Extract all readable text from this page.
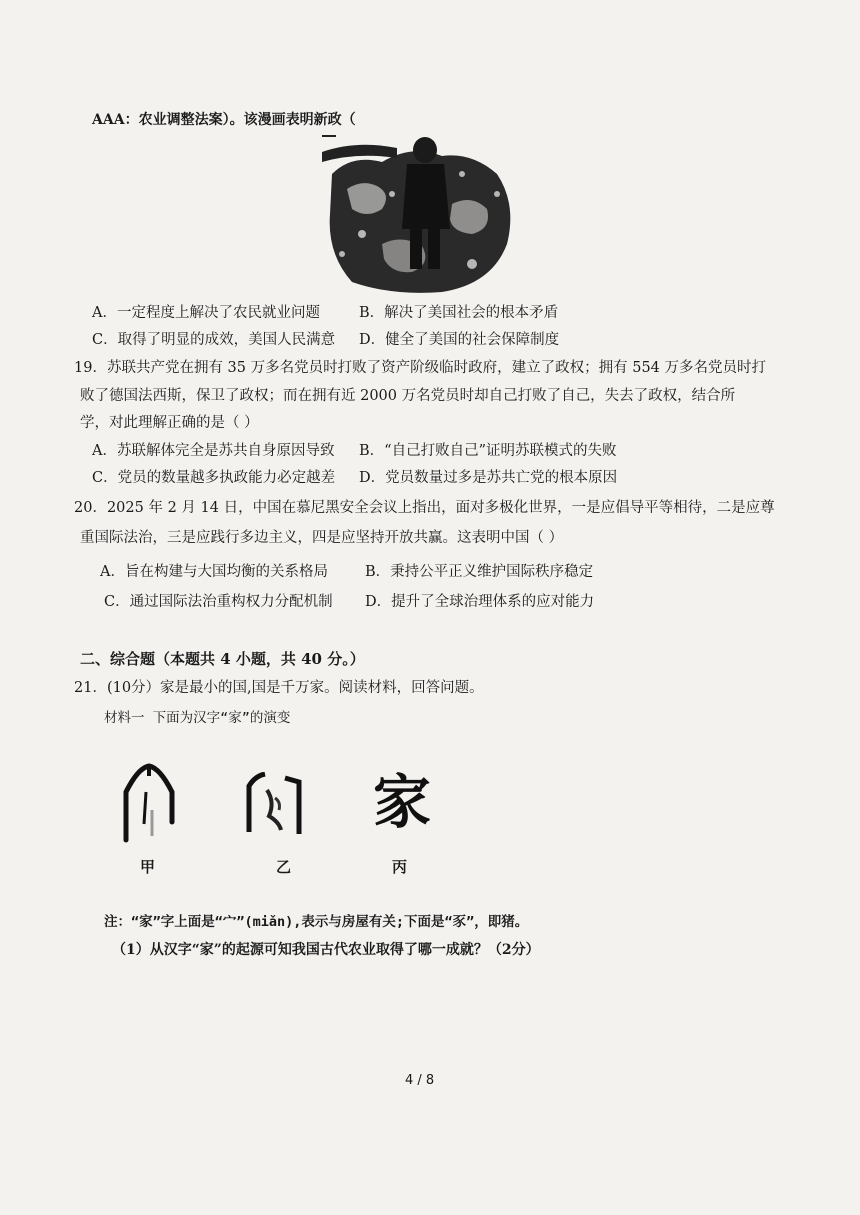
AAA：农业调整法案）。该漫画表明新政（
A．一定程度上解决了农民就业问题	B．解决了美国社会的根本矛盾
C．取得了明显的成效，美国人民满意 D．健全了美国的社会保障制度
19．苏联共产党在拥有 35 万多名党员时打败了资产阶级临时政府，建立了政权；拥有 554 万多名党员时打
败了德国法西斯，保卫了政权；而在拥有近 2000 万名党员时却自己打败了自己，失去了政权，结合所
学，对此理解正确的是（ ）
A．苏联解体完全是苏共自身原因导致 B．“自己打败自己”证明苏联模式的失败
C．党员的数量越多执政能力必定越差 D．党员数量过多是苏共亡党的根本原因
20．2025 年 2 月 14 日，中国在慕尼黑安全会议上指出，面对多极化世界，一是应倡导平等相待，二是应尊
重国际法治，三是应践行多边主义，四是应坚持开放共赢。这表明中国（ ）
A．旨在构建与大国均衡的关系格局	B．秉持公平正义维护国际秩序稳定
C．通过国际法治重构权力分配机制 D．提升了全球治理体系的应对能力
二、综合题（本题共 4 小题，共 40 分。）
21．(10分）家是最小的国,国是千万家。阅读材料，回答问题。
材料一 下面为汉字“家”的演变
家
甲	乙	丙
注：“家”字上面是“宀”(miǎn),表示与房屋有关;下面是“豕”，即猪。
（1）从汉字“家”的起源可知我国古代农业取得了哪一成就？（2分）
4 / 8
